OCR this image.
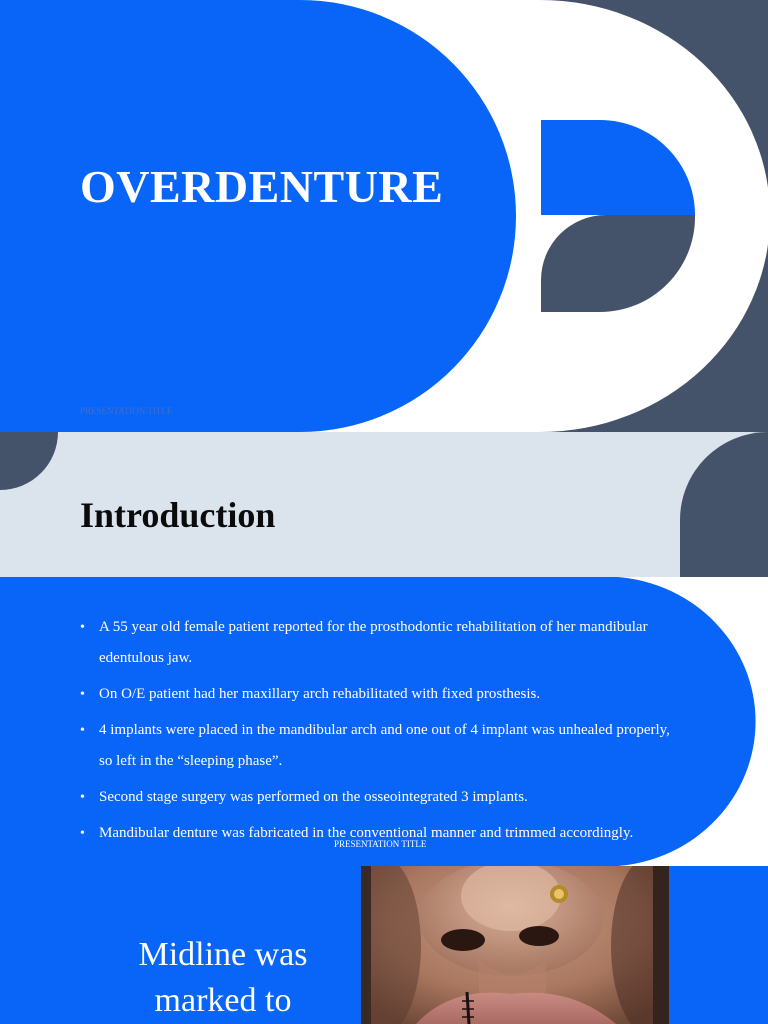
OVERDENTURE
PRESENTATION TITLE
Introduction
• A 55 year old female patient reported for the prosthodontic rehabilitation of her mandibular edentulous jaw.
• On O/E patient had her maxillary arch rehabilitated with fixed prosthesis.
• 4 implants were placed in the mandibular arch and one out of 4 implant was unhealed properly, so left in the “sleeping phase”.
• Second stage surgery was performed on the osseointegrated 3 implants.
• Mandibular denture was fabricated in the conventional manner and trimmed accordingly.
PRESENTATION TITLE	2
Midline was marked to
